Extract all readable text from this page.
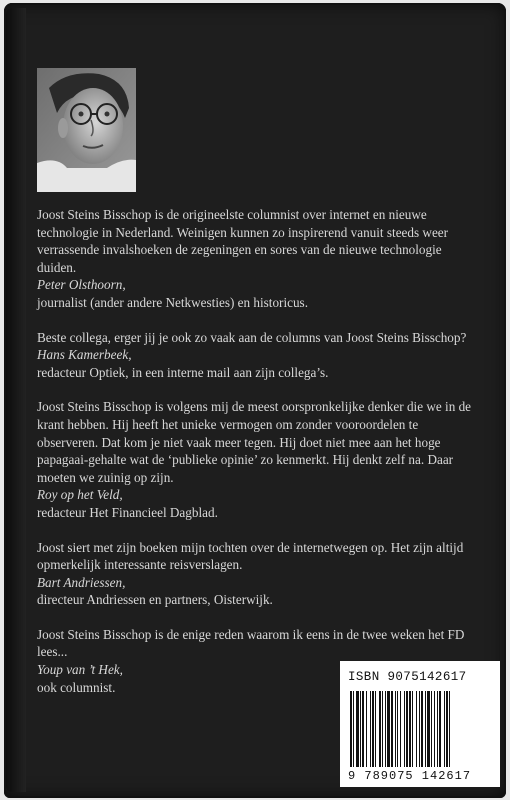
Joost Steins Bisschop is de origineelste columnist over internet en nieuwe technologie in Nederland. Weinigen kunnen zo inspirerend vanuit steeds weer verrassende invalshoeken de zegeningen en sores van de nieuwe technologie duiden.

Peter Olsthoorn,

journalist (ander andere Netkwesties) en historicus.

Beste collega, erger jij je ook zo vaak aan de columns van Joost Steins Bisschop?

Hans Kamerbeek,

redacteur Optiek, in een interne mail aan zijn collega’s.

Joost Steins Bisschop is volgens mij de meest oorspronkelijke denker die we in de krant hebben. Hij heeft het unieke vermogen om zonder vooroordelen te observeren. Dat kom je niet vaak meer tegen. Hij doet niet mee aan het hoge papagaai-gehalte wat de ‘publieke opinie’ zo kenmerkt. Hij denkt zelf na. Daar moeten we zuinig op zijn.

Roy op het Veld,

redacteur Het Financieel Dagblad.

Joost siert met zijn boeken mijn tochten over de internetwegen op. Het zijn altijd opmerkelijk interessante reisverslagen.

Bart Andriessen,

directeur Andriessen en partners, Oisterwijk.

Joost Steins Bisschop is de enige reden waarom ik eens in de twee weken het FD lees...

Youp van ’t Hek,

ook columnist.

ISBN 9075142617
9 789075 142617
